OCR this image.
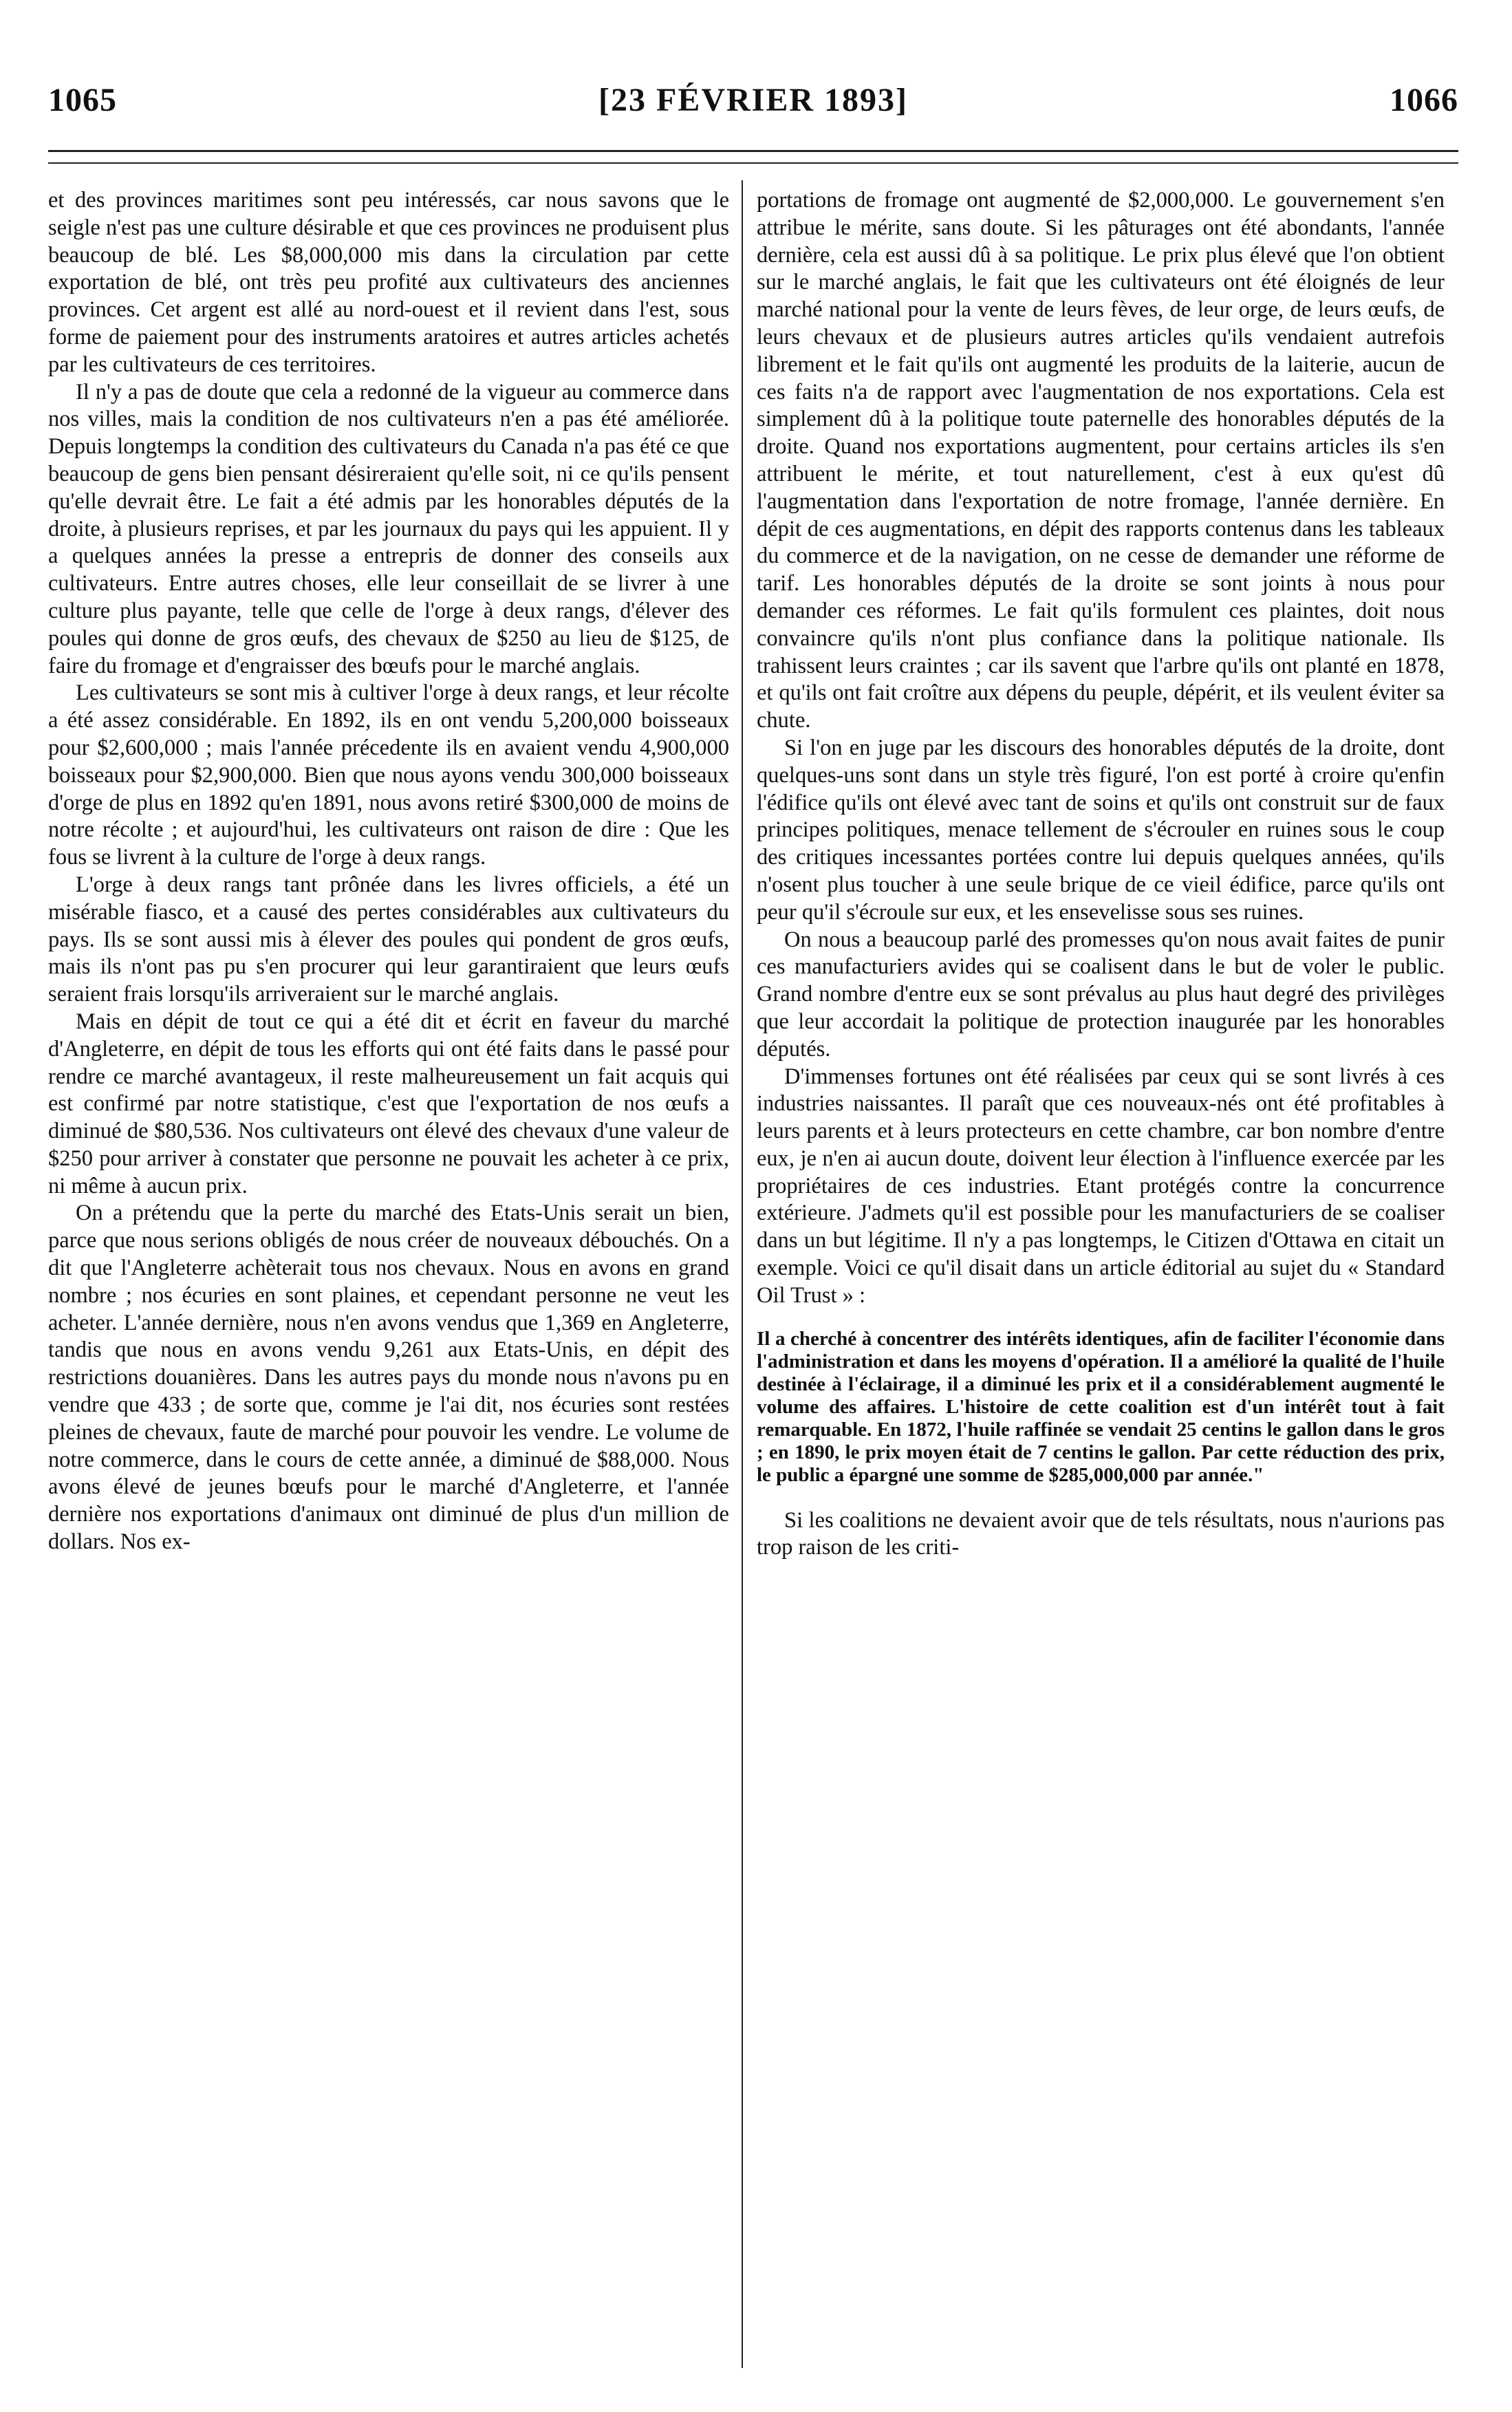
1065	[23 FÉVRIER 1893]	1066

et des provinces maritimes sont peu intéressés, car nous savons que le seigle n'est pas une culture désirable et que ces provinces ne produisent plus beaucoup de blé. Les $8,000,000 mis dans la circulation par cette exportation de blé, ont très peu profité aux cultivateurs des anciennes provinces. Cet argent est allé au nord-ouest et il revient dans l'est, sous forme de paiement pour des instruments aratoires et autres articles achetés par les cultivateurs de ces territoires.

Il n'y a pas de doute que cela a redonné de la vigueur au commerce dans nos villes, mais la condition de nos cultivateurs n'en a pas été améliorée. Depuis longtemps la condition des cultivateurs du Canada n'a pas été ce que beaucoup de gens bien pensant désireraient qu'elle soit, ni ce qu'ils pensent qu'elle devrait être. Le fait a été admis par les honorables députés de la droite, à plusieurs reprises, et par les journaux du pays qui les appuient. Il y a quelques années la presse a entrepris de donner des conseils aux cultivateurs. Entre autres choses, elle leur conseillait de se livrer à une culture plus payante, telle que celle de l'orge à deux rangs, d'élever des poules qui donne de gros œufs, des chevaux de $250 au lieu de $125, de faire du fromage et d'engraisser des bœufs pour le marché anglais.

Les cultivateurs se sont mis à cultiver l'orge à deux rangs, et leur récolte a été assez considérable. En 1892, ils en ont vendu 5,200,000 boisseaux pour $2,600,000 ; mais l'année précedente ils en avaient vendu 4,900,000 boisseaux pour $2,900,000. Bien que nous ayons vendu 300,000 boisseaux d'orge de plus en 1892 qu'en 1891, nous avons retiré $300,000 de moins de notre récolte ; et aujourd'hui, les cultivateurs ont raison de dire : Que les fous se livrent à la culture de l'orge à deux rangs.

L'orge à deux rangs tant prônée dans les livres officiels, a été un misérable fiasco, et a causé des pertes considérables aux cultivateurs du pays. Ils se sont aussi mis à élever des poules qui pondent de gros œufs, mais ils n'ont pas pu s'en procurer qui leur garantiraient que leurs œufs seraient frais lorsqu'ils arriveraient sur le marché anglais.

Mais en dépit de tout ce qui a été dit et écrit en faveur du marché d'Angleterre, en dépit de tous les efforts qui ont été faits dans le passé pour rendre ce marché avantageux, il reste malheureusement un fait acquis qui est confirmé par notre statistique, c'est que l'exportation de nos œufs a diminué de $80,536. Nos cultivateurs ont élevé des chevaux d'une valeur de $250 pour arriver à constater que personne ne pouvait les acheter à ce prix, ni même à aucun prix.

On a prétendu que la perte du marché des Etats-Unis serait un bien, parce que nous serions obligés de nous créer de nouveaux débouchés. On a dit que l'Angleterre achèterait tous nos chevaux. Nous en avons en grand nombre ; nos écuries en sont plaines, et cependant personne ne veut les acheter. L'année dernière, nous n'en avons vendus que 1,369 en Angleterre, tandis que nous en avons vendu 9,261 aux Etats-Unis, en dépit des restrictions douanières. Dans les autres pays du monde nous n'avons pu en vendre que 433 ; de sorte que, comme je l'ai dit, nos écuries sont restées pleines de chevaux, faute de marché pour pouvoir les vendre. Le volume de notre commerce, dans le cours de cette année, a diminué de $88,000. Nous avons élevé de jeunes bœufs pour le marché d'Angleterre, et l'année dernière nos exportations d'animaux ont diminué de plus d'un million de dollars. Nos ex-

portations de fromage ont augmenté de $2,000,000. Le gouvernement s'en attribue le mérite, sans doute. Si les pâturages ont été abondants, l'année dernière, cela est aussi dû à sa politique. Le prix plus élevé que l'on obtient sur le marché anglais, le fait que les cultivateurs ont été éloignés de leur marché national pour la vente de leurs fèves, de leur orge, de leurs œufs, de leurs chevaux et de plusieurs autres articles qu'ils vendaient autrefois librement et le fait qu'ils ont augmenté les produits de la laiterie, aucun de ces faits n'a de rapport avec l'augmentation de nos exportations. Cela est simplement dû à la politique toute paternelle des honorables députés de la droite. Quand nos exportations augmentent, pour certains articles ils s'en attribuent le mérite, et tout naturellement, c'est à eux qu'est dû l'augmentation dans l'exportation de notre fromage, l'année dernière. En dépit de ces augmentations, en dépit des rapports contenus dans les tableaux du commerce et de la navigation, on ne cesse de demander une réforme de tarif. Les honorables députés de la droite se sont joints à nous pour demander ces réformes. Le fait qu'ils formulent ces plaintes, doit nous convaincre qu'ils n'ont plus confiance dans la politique nationale. Ils trahissent leurs craintes ; car ils savent que l'arbre qu'ils ont planté en 1878, et qu'ils ont fait croître aux dépens du peuple, dépérit, et ils veulent éviter sa chute.

Si l'on en juge par les discours des honorables députés de la droite, dont quelques-uns sont dans un style très figuré, l'on est porté à croire qu'enfin l'édifice qu'ils ont élevé avec tant de soins et qu'ils ont construit sur de faux principes politiques, menace tellement de s'écrouler en ruines sous le coup des critiques incessantes portées contre lui depuis quelques années, qu'ils n'osent plus toucher à une seule brique de ce vieil édifice, parce qu'ils ont peur qu'il s'écroule sur eux, et les ensevelisse sous ses ruines.

On nous a beaucoup parlé des promesses qu'on nous avait faites de punir ces manufacturiers avides qui se coalisent dans le but de voler le public. Grand nombre d'entre eux se sont prévalus au plus haut degré des privilèges que leur accordait la politique de protection inaugurée par les honorables députés.

D'immenses fortunes ont été réalisées par ceux qui se sont livrés à ces industries naissantes. Il paraît que ces nouveaux-nés ont été profitables à leurs parents et à leurs protecteurs en cette chambre, car bon nombre d'entre eux, je n'en ai aucun doute, doivent leur élection à l'influence exercée par les propriétaires de ces industries. Etant protégés contre la concurrence extérieure. J'admets qu'il est possible pour les manufacturiers de se coaliser dans un but légitime. Il n'y a pas longtemps, le Citizen d'Ottawa en citait un exemple. Voici ce qu'il disait dans un article éditorial au sujet du « Standard Oil Trust » :

Il a cherché à concentrer des intérêts identiques, afin de faciliter l'économie dans l'administration et dans les moyens d'opération. Il a amélioré la qualité de l'huile destinée à l'éclairage, il a diminué les prix et il a considérablement augmenté le volume des affaires. L'histoire de cette coalition est d'un intérêt tout à fait remarquable. En 1872, l'huile raffinée se vendait 25 centins le gallon dans le gros ; en 1890, le prix moyen était de 7 centins le gallon. Par cette réduction des prix, le public a épargné une somme de $285,000,000 par année."

Si les coalitions ne devaient avoir que de tels résultats, nous n'aurions pas trop raison de les criti-
